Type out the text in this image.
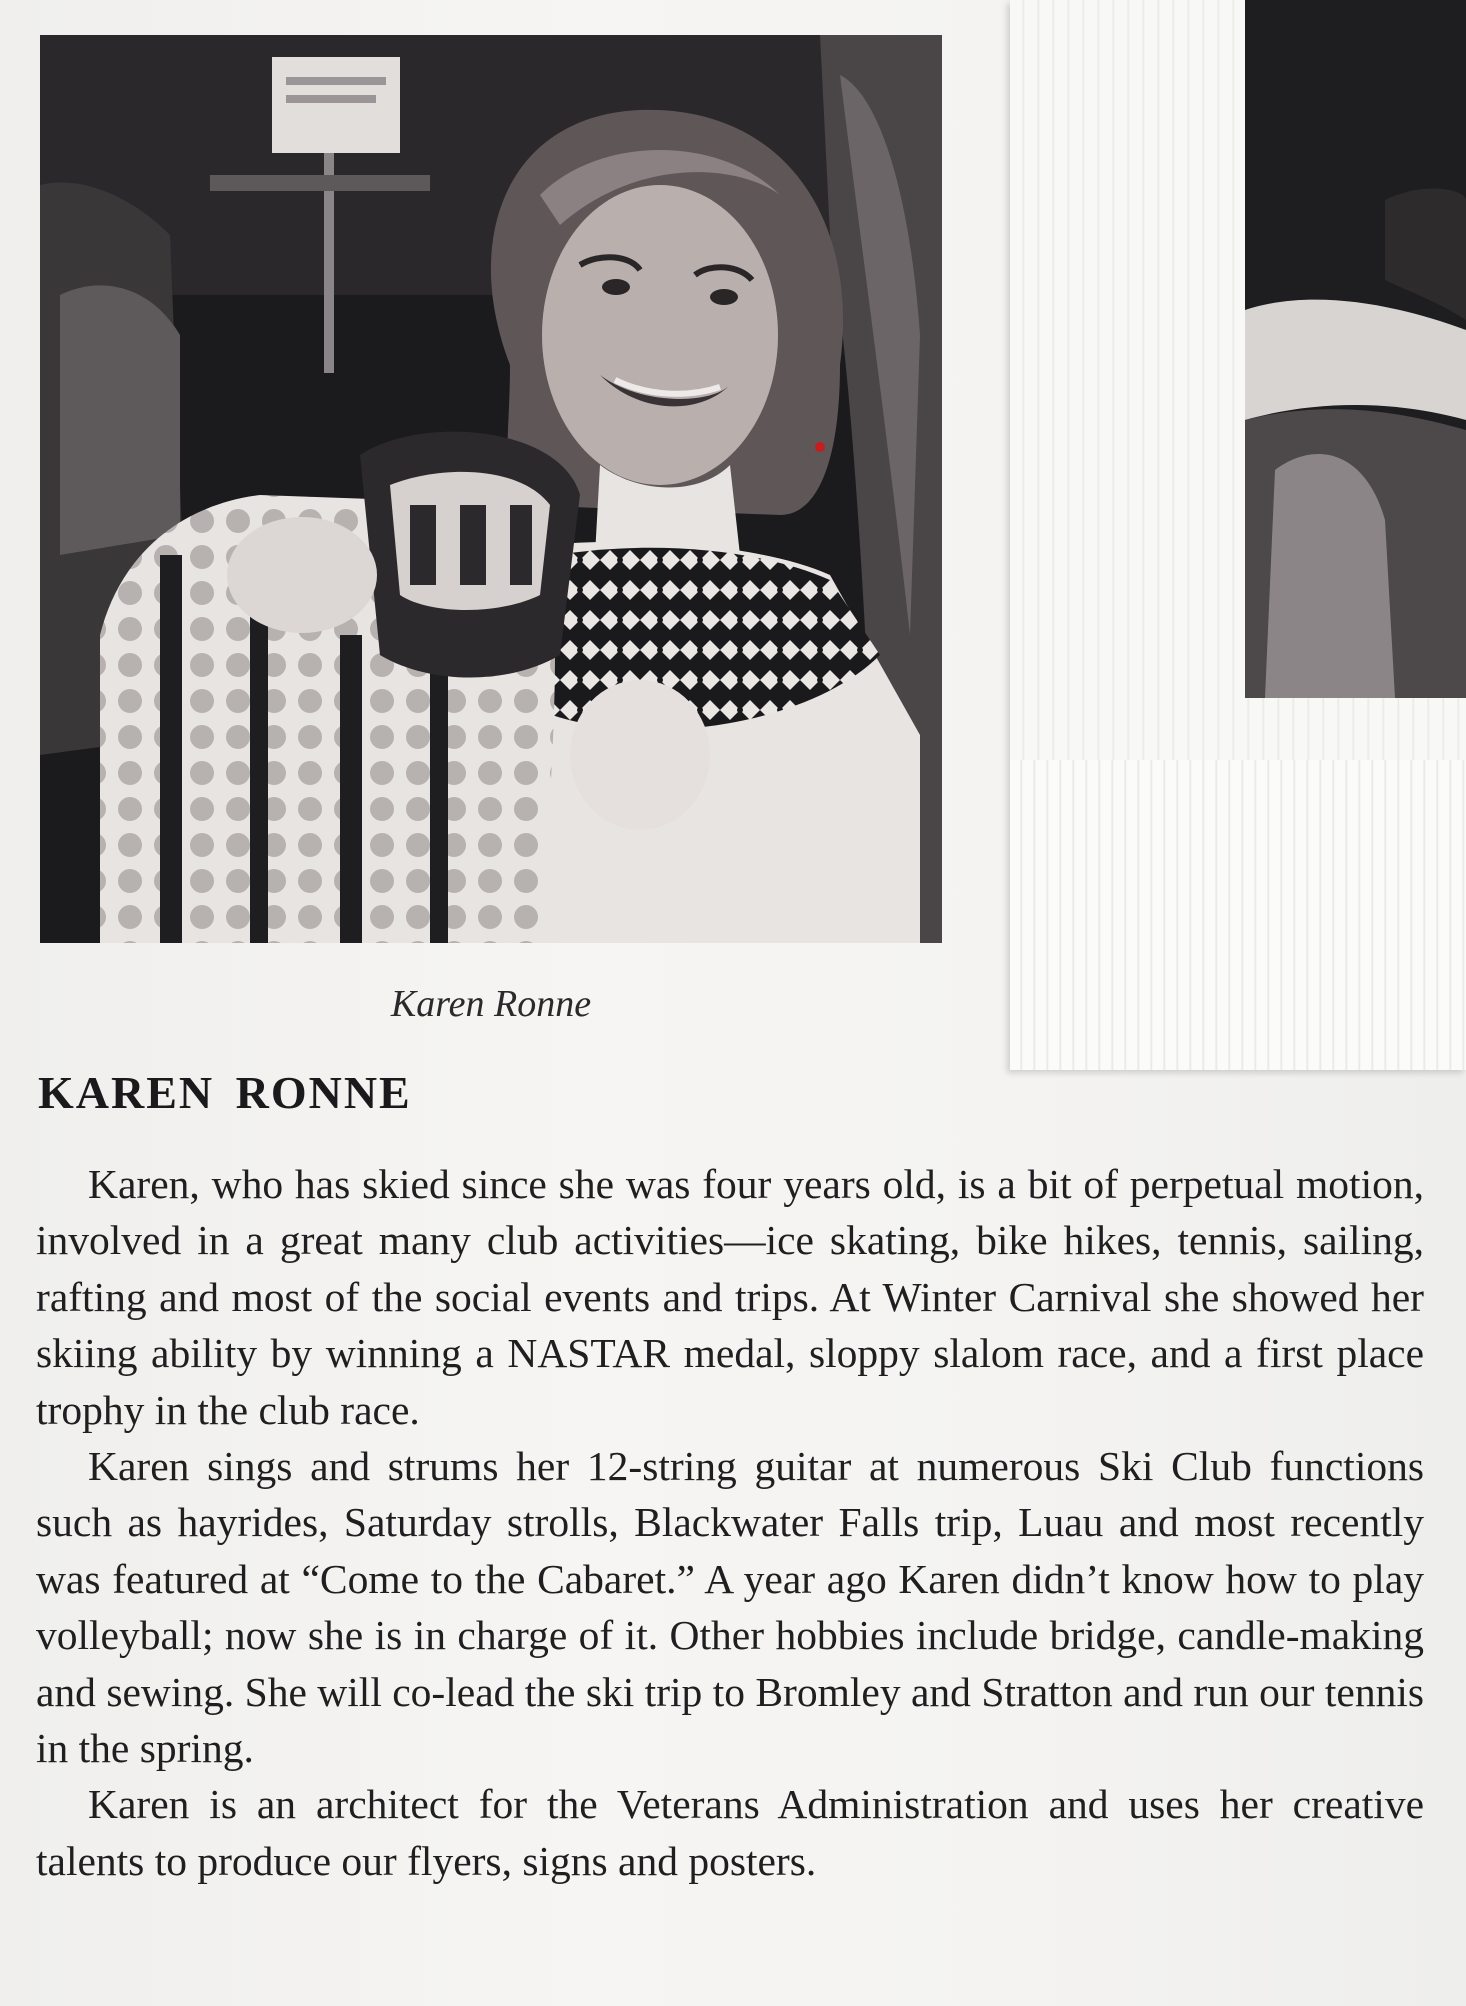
Karen Ronne
KAREN RONNE

Karen, who has skied since she was four years old, is a bit of perpetual motion, involved in a great many club activities—ice skating, bike hikes, tennis, sailing, rafting and most of the social events and trips. At Winter Carnival she showed her skiing ability by winning a NASTAR medal, sloppy slalom race, and a first place trophy in the club race.

Karen sings and strums her 12-string guitar at numerous Ski Club functions such as hayrides, Saturday strolls, Blackwater Falls trip, Luau and most recently was featured at “Come to the Cabaret.” A year ago Karen didn’t know how to play volleyball; now she is in charge of it. Other hobbies include bridge, candle-making and sewing. She will co-lead the ski trip to Bromley and Stratton and run our tennis in the spring.

Karen is an architect for the Veterans Administration and uses her creative talents to produce our flyers, signs and posters.
